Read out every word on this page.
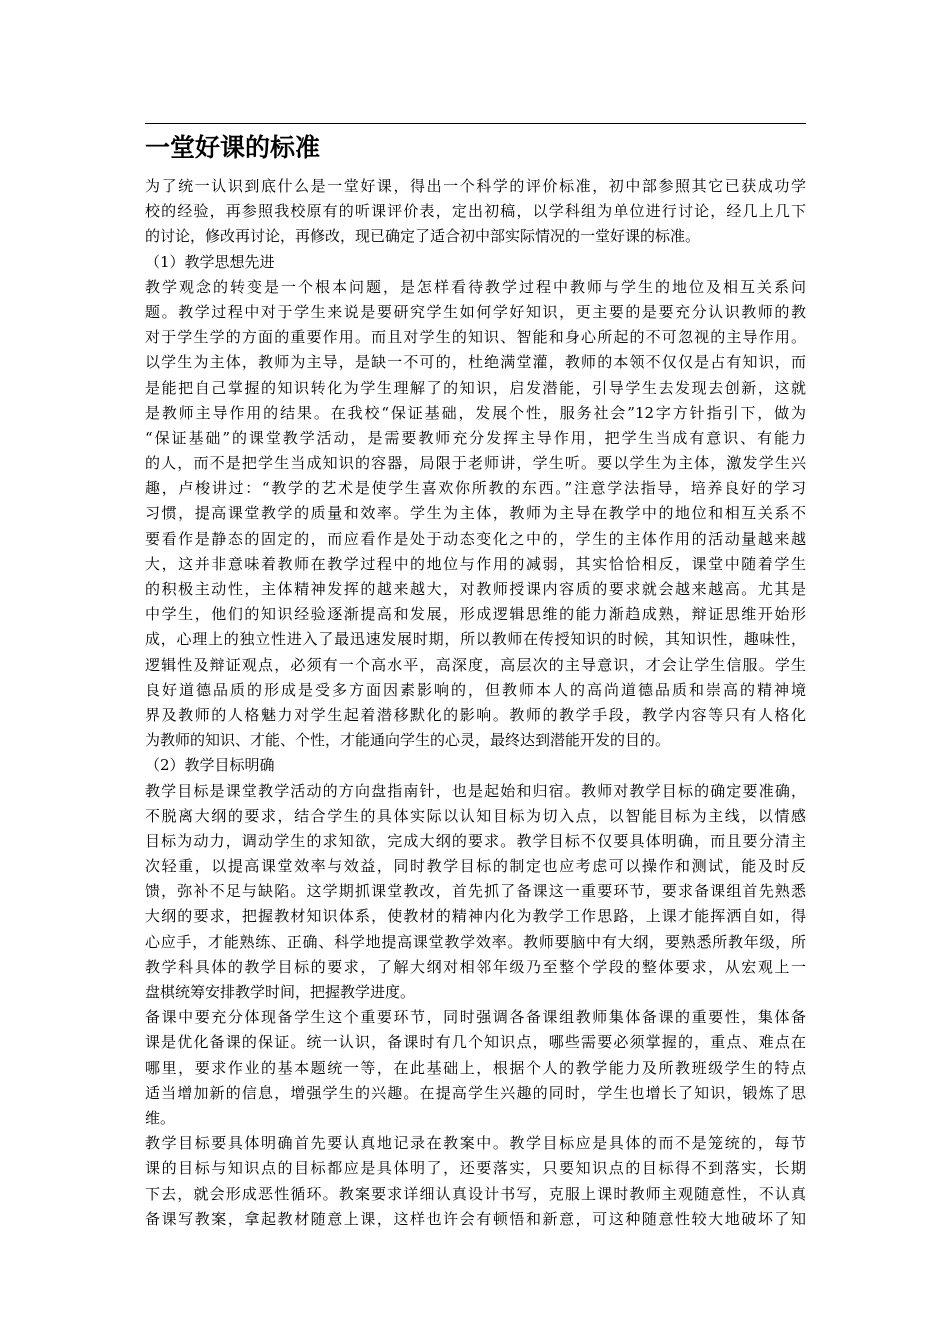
一堂好课的标准
为了统一认识到底什么是一堂好课，得出一个科学的评价标准，初中部参照其它已获成功学
校的经验，再参照我校原有的听课评价表，定出初稿，以学科组为单位进行讨论，经几上几下
的讨论，修改再讨论，再修改，现已确定了适合初中部实际情况的一堂好课的标准。
（1）教学思想先进
教学观念的转变是一个根本问题，是怎样看待教学过程中教师与学生的地位及相互关系问
题。教学过程中对于学生来说是要研究学生如何学好知识，更主要的是要充分认识教师的教
对于学生学的方面的重要作用。而且对学生的知识、智能和身心所起的不可忽视的主导作用。
以学生为主体，教师为主导，是缺一不可的，杜绝满堂灌，教师的本领不仅仅是占有知识，而
是能把自己掌握的知识转化为学生理解了的知识，启发潜能，引导学生去发现去创新，这就
是教师主导作用的结果。在我校“保证基础，发展个性，服务社会”12字方针指引下，做为
“保证基础”的课堂教学活动，是需要教师充分发挥主导作用，把学生当成有意识、有能力
的人，而不是把学生当成知识的容器，局限于老师讲，学生听。要以学生为主体，激发学生兴
趣，卢梭讲过：“教学的艺术是使学生喜欢你所教的东西。”注意学法指导，培养良好的学习
习惯，提高课堂教学的质量和效率。学生为主体，教师为主导在教学中的地位和相互关系不
要看作是静态的固定的，而应看作是处于动态变化之中的，学生的主体作用的活动量越来越
大，这并非意味着教师在教学过程中的地位与作用的减弱，其实恰恰相反，课堂中随着学生
的积极主动性，主体精神发挥的越来越大，对教师授课内容质的要求就会越来越高。尤其是
中学生，他们的知识经验逐渐提高和发展，形成逻辑思维的能力渐趋成熟，辩证思维开始形
成，心理上的独立性进入了最迅速发展时期，所以教师在传授知识的时候，其知识性，趣味性，
逻辑性及辩证观点，必须有一个高水平，高深度，高层次的主导意识，才会让学生信服。学生
良好道德品质的形成是受多方面因素影响的，但教师本人的高尚道德品质和崇高的精神境
界及教师的人格魅力对学生起着潜移默化的影响。教师的教学手段，教学内容等只有人格化
为教师的知识、才能、个性，才能通向学生的心灵，最终达到潜能开发的目的。
（2）教学目标明确
教学目标是课堂教学活动的方向盘指南针，也是起始和归宿。教师对教学目标的确定要准确，
不脱离大纲的要求，结合学生的具体实际以认知目标为切入点，以智能目标为主线，以情感
目标为动力，调动学生的求知欲，完成大纲的要求。教学目标不仅要具体明确，而且要分清主
次轻重，以提高课堂效率与效益，同时教学目标的制定也应考虑可以操作和测试，能及时反
馈，弥补不足与缺陷。这学期抓课堂教改，首先抓了备课这一重要环节，要求备课组首先熟悉
大纲的要求，把握教材知识体系，使教材的精神内化为教学工作思路，上课才能挥洒自如，得
心应手，才能熟练、正确、科学地提高课堂教学效率。教师要脑中有大纲，要熟悉所教年级，所
教学科具体的教学目标的要求，了解大纲对相邻年级乃至整个学段的整体要求，从宏观上一
盘棋统筹安排教学时间，把握教学进度。
备课中要充分体现备学生这个重要环节，同时强调各备课组教师集体备课的重要性，集体备
课是优化备课的保证。统一认识，备课时有几个知识点，哪些需要必须掌握的，重点、难点在
哪里，要求作业的基本题统一等，在此基础上，根据个人的教学能力及所教班级学生的特点
适当增加新的信息，增强学生的兴趣。在提高学生兴趣的同时，学生也增长了知识，锻炼了思
维。
教学目标要具体明确首先要认真地记录在教案中。教学目标应是具体的而不是笼统的，每节
课的目标与知识点的目标都应是具体明了，还要落实，只要知识点的目标得不到落实，长期
下去，就会形成恶性循环。教案要求详细认真设计书写，克服上课时教师主观随意性，不认真
备课写教案，拿起教材随意上课，这样也许会有顿悟和新意，可这种随意性较大地破坏了知
